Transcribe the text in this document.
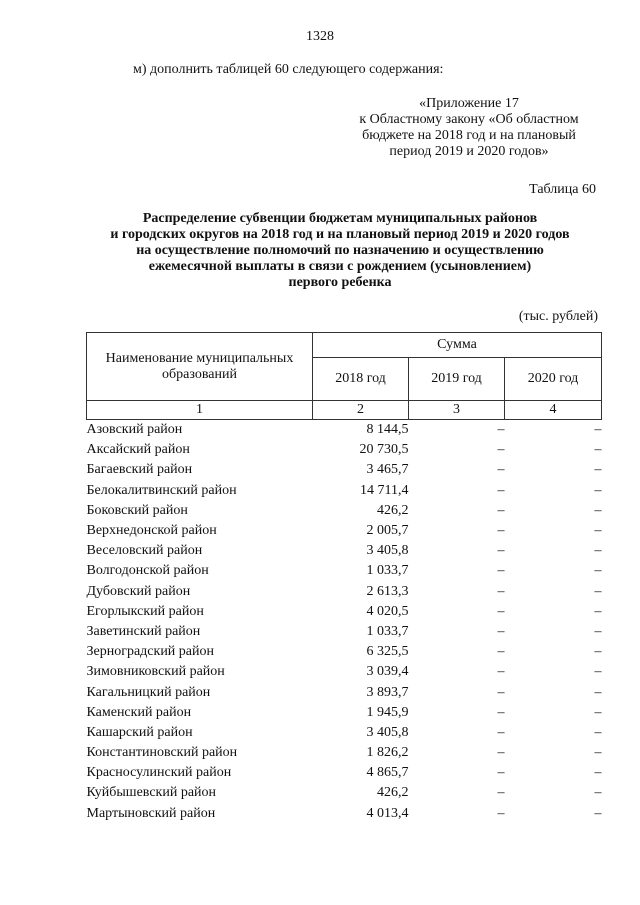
1328
м) дополнить таблицей 60 следующего содержания:
«Приложение 17
к Областному закону «Об областном
бюджете на 2018 год и на плановый
период 2019 и 2020 годов»
Таблица 60
Распределение субвенции бюджетам муниципальных районов
и городских округов на 2018 год и на плановый период 2019 и 2020 годов
на осуществление полномочий по назначению и осуществлению
ежемесячной выплаты в связи с рождением (усыновлением)
первого ребенка
(тыс. рублей)
Наименование муниципальных образований	Сумма		
	2018 год	2019 год	2020 год
1	2	3	4
Азовский район	8 144,5	–	–
Аксайский район	20 730,5	–	–
Багаевский район	3 465,7	–	–
Белокалитвинский район	14 711,4	–	–
Боковский район	426,2	–	–
Верхнедонской район	2 005,7	–	–
Веселовский район	3 405,8	–	–
Волгодонской район	1 033,7	–	–
Дубовский район	2 613,3	–	–
Егорлыкский район	4 020,5	–	–
Заветинский район	1 033,7	–	–
Зерноградский район	6 325,5	–	–
Зимовниковский район	3 039,4	–	–
Кагальницкий район	3 893,7	–	–
Каменский район	1 945,9	–	–
Кашарский район	3 405,8	–	–
Константиновский район	1 826,2	–	–
Красносулинский район	4 865,7	–	–
Куйбышевский район	426,2	–	–
Мартыновский район	4 013,4	–	–
